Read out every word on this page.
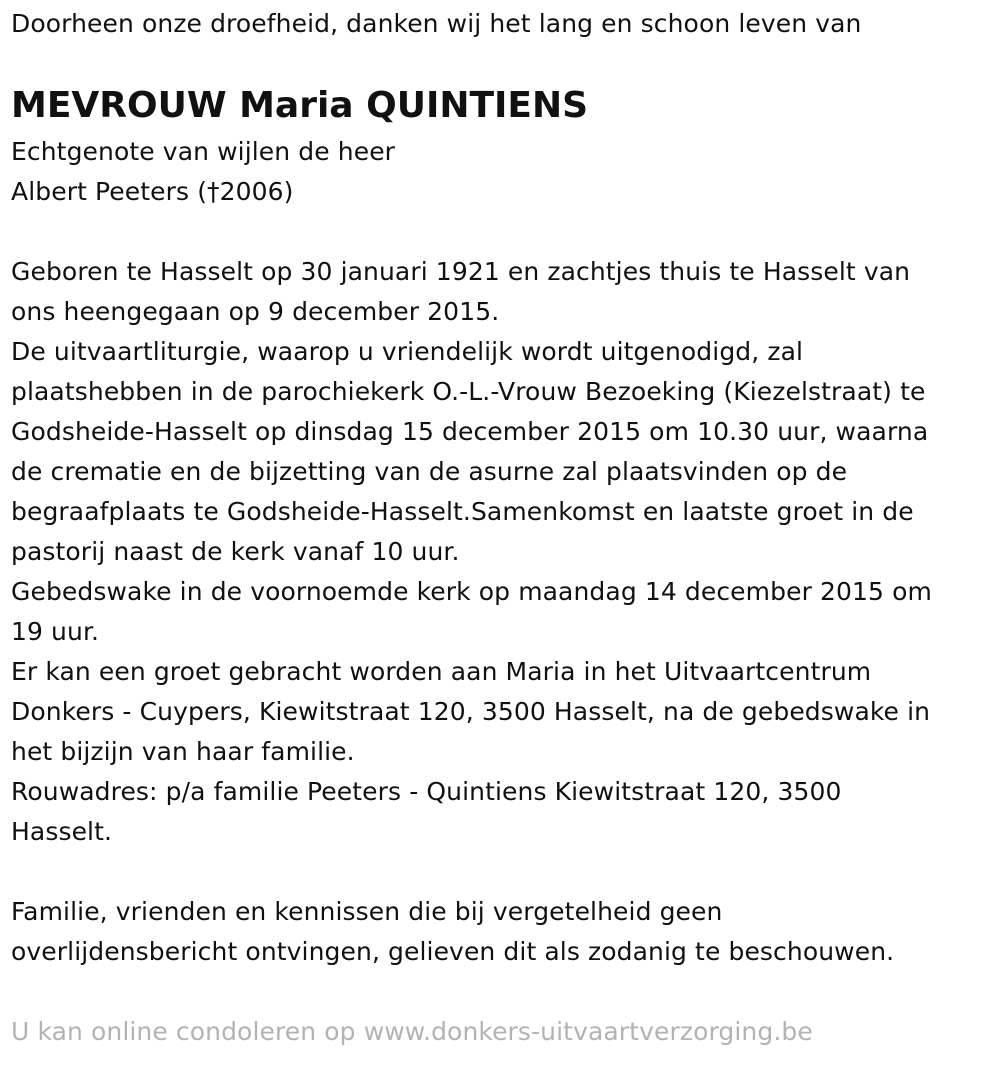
Doorheen onze droefheid, danken wij het lang en schoon leven van
MEVROUW Maria QUINTIENS
Echtgenote van wijlen de heer
Albert Peeters (†2006)
Geboren te Hasselt op 30 januari 1921 en zachtjes thuis te Hasselt van
ons heengegaan op 9 december 2015.
De uitvaartliturgie, waarop u vriendelijk wordt uitgenodigd, zal
plaatshebben in de parochiekerk O.-L.-Vrouw Bezoeking (Kiezelstraat) te
Godsheide-Hasselt op dinsdag 15 december 2015 om 10.30 uur, waarna
de crematie en de bijzetting van de asurne zal plaatsvinden op de
begraafplaats te Godsheide-Hasselt.Samenkomst en laatste groet in de
pastorij naast de kerk vanaf 10 uur.
Gebedswake in de voornoemde kerk op maandag 14 december 2015 om
19 uur.
Er kan een groet gebracht worden aan Maria in het Uitvaartcentrum
Donkers - Cuypers, Kiewitstraat 120, 3500 Hasselt, na de gebedswake in
het bijzijn van haar familie.
Rouwadres: p/a familie Peeters - Quintiens Kiewitstraat 120, 3500
Hasselt.
Familie, vrienden en kennissen die bij vergetelheid geen
overlijdensbericht ontvingen, gelieven dit als zodanig te beschouwen.
U kan online condoleren op www.donkers-uitvaartverzorging.be
